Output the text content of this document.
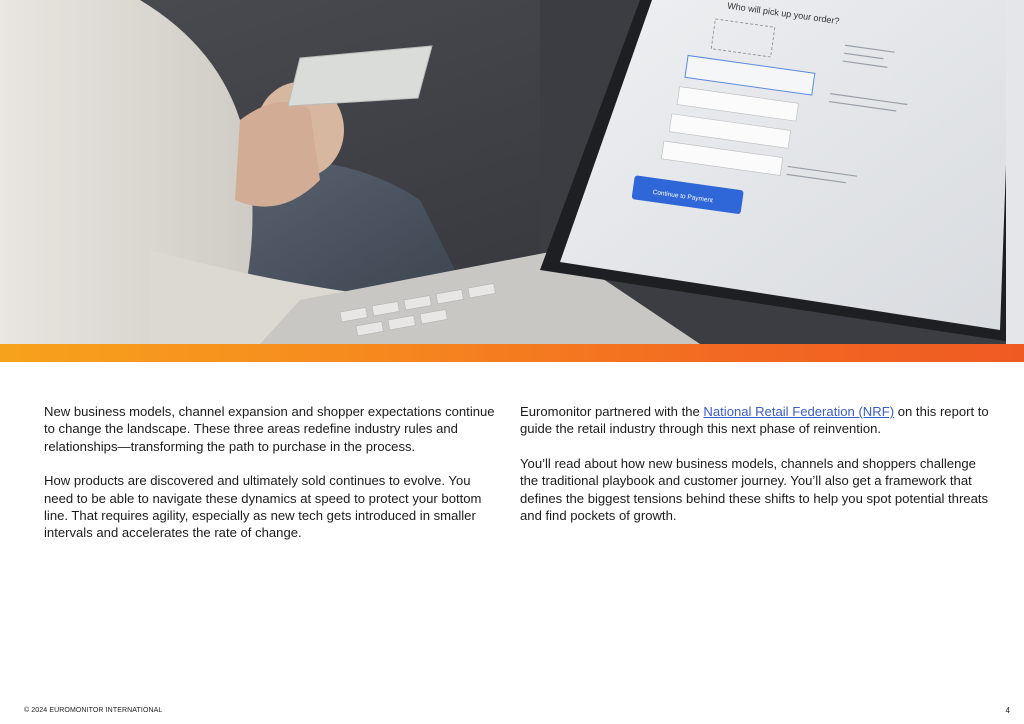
Who will pick up your order?
Continue to Payment

New business models, channel expansion and shopper expectations continue to change the landscape. These three areas redefine industry rules and relationships—transforming the path to purchase in the process.

How products are discovered and ultimately sold continues to evolve. You need to be able to navigate these dynamics at speed to protect your bottom line. That requires agility, especially as new tech gets introduced in smaller intervals and accelerates the rate of change.

Euromonitor partnered with the National Retail Federation (NRF) on this report to guide the retail industry through this next phase of reinvention.

You’ll read about how new business models, channels and shoppers challenge the traditional playbook and customer journey. You’ll also get a framework that defines the biggest tensions behind these shifts to help you spot potential threats and find pockets of growth.

© 2024 EUROMONITOR INTERNATIONAL	4
